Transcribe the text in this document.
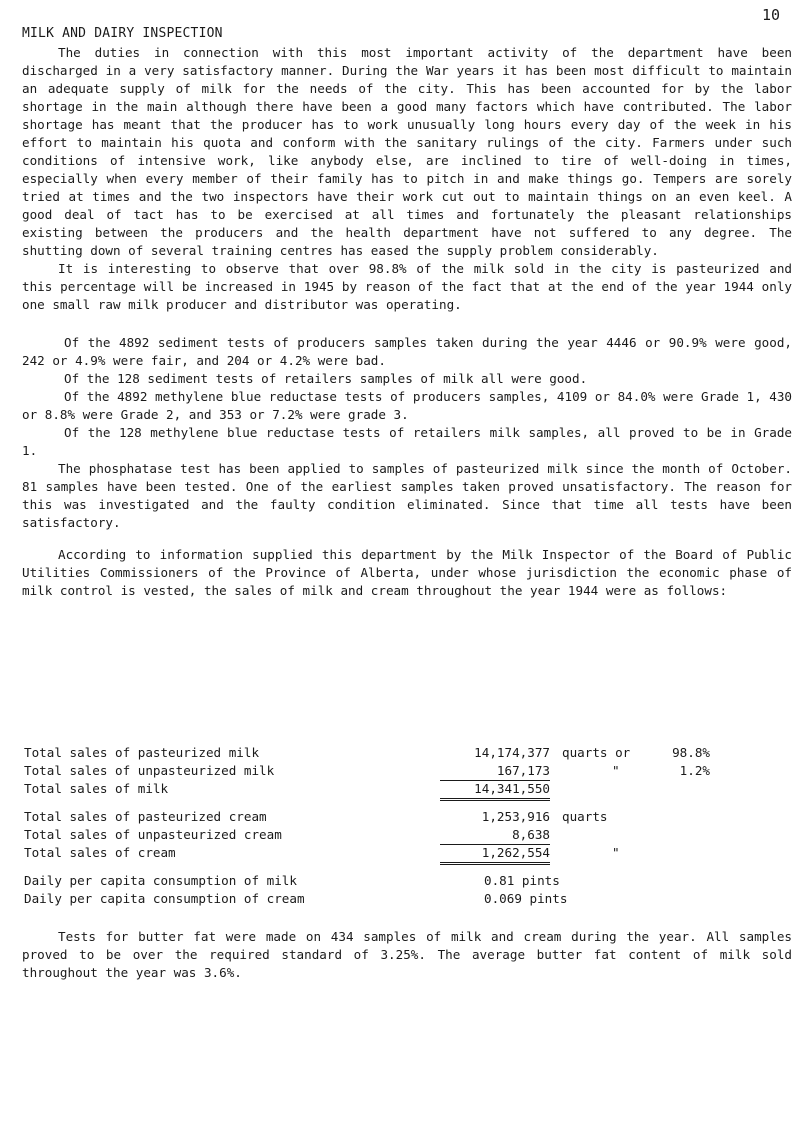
10
MILK AND DAIRY INSPECTION

The duties in connection with this most important activity of the department have been discharged in a very satisfactory manner. During the War years it has been most difficult to maintain an adequate supply of milk for the needs of the city. This has been accounted for by the labor shortage in the main although there have been a good many factors which have contributed. The labor shortage has meant that the producer has to work unusually long hours every day of the week in his effort to maintain his quota and conform with the sanitary rulings of the city. Farmers under such conditions of intensive work, like anybody else, are inclined to tire of well-doing in times, especially when every member of their family has to pitch in and make things go. Tempers are sorely tried at times and the two inspectors have their work cut out to maintain things on an even keel. A good deal of tact has to be exercised at all times and fortunately the pleasant relationships existing between the producers and the health department have not suffered to any degree. The shutting down of several training centres has eased the supply problem considerably.

It is interesting to observe that over 98.8% of the milk sold in the city is pasteurized and this percentage will be increased in 1945 by reason of the fact that at the end of the year 1944 only one small raw milk producer and distributor was operating.

Of the 4892 sediment tests of producers samples taken during the year 4446 or 90.9% were good, 242 or 4.9% were fair, and 204 or 4.2% were bad.

Of the 128 sediment tests of retailers samples of milk all were good.

Of the 4892 methylene blue reductase tests of producers samples, 4109 or 84.0% were Grade 1, 430 or 8.8% were Grade 2, and 353 or 7.2% were grade 3.

Of the 128 methylene blue reductase tests of retailers milk samples, all proved to be in Grade 1.

The phosphatase test has been applied to samples of pasteurized milk since the month of October. 81 samples have been tested. One of the earliest samples taken proved unsatisfactory. The reason for this was investigated and the faulty condition eliminated. Since that time all tests have been satisfactory.

According to information supplied this department by the Milk Inspector of the Board of Public Utilities Commissioners of the Province of Alberta, under whose jurisdiction the economic phase of milk control is vested, the sales of milk and cream throughout the year 1944 were as follows:

Total sales of pasteurized milk	14,174,377 quarts or	98.8%
Total sales of unpasteurized milk	167,173	"	1.2%
Total sales of milk	14,341,550
Total sales of pasteurized cream	1,253,916 quarts
Total sales of unpasteurized cream	8,638
Total sales of cream	1,262,554	"
Daily per capita consumption of milk	0.81 pints
Daily per capita consumption of cream	0.069 pints

Tests for butter fat were made on 434 samples of milk and cream during the year. All samples proved to be over the required standard of 3.25%. The average butter fat content of milk sold throughout the year was 3.6%.
